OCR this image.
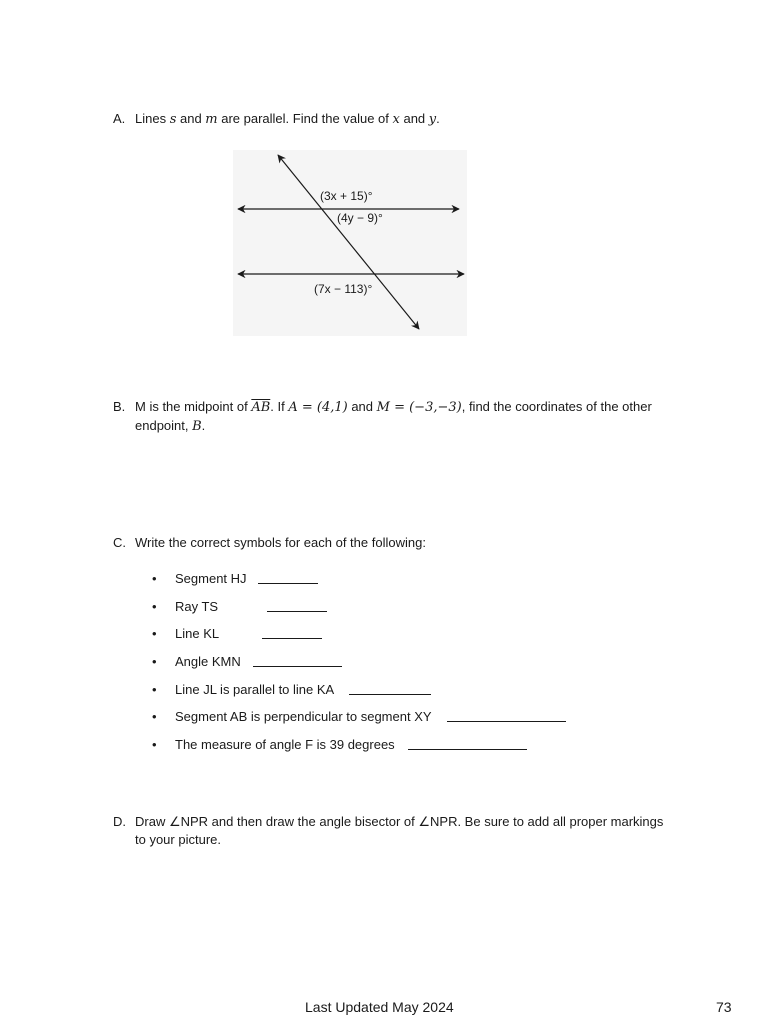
A. Lines s and m are parallel. Find the value of x and y.
(3x + 15)°
(4y − 9)°
(7x − 113)°
B. M is the midpoint of $\overline{AB}$. If A = (4,1) and M = (−3,−3), find the coordinates of the other endpoint, B.
C. Write the correct symbols for each of the following:
• Segment HJ
• Ray TS
• Line KL
• Angle KMN
• Line JL is parallel to line KA
• Segment AB is perpendicular to segment XY
• The measure of angle F is 39 degrees
D. Draw ∠NPR and then draw the angle bisector of ∠NPR. Be sure to add all proper markings to your picture.
Last Updated May 2024	73
